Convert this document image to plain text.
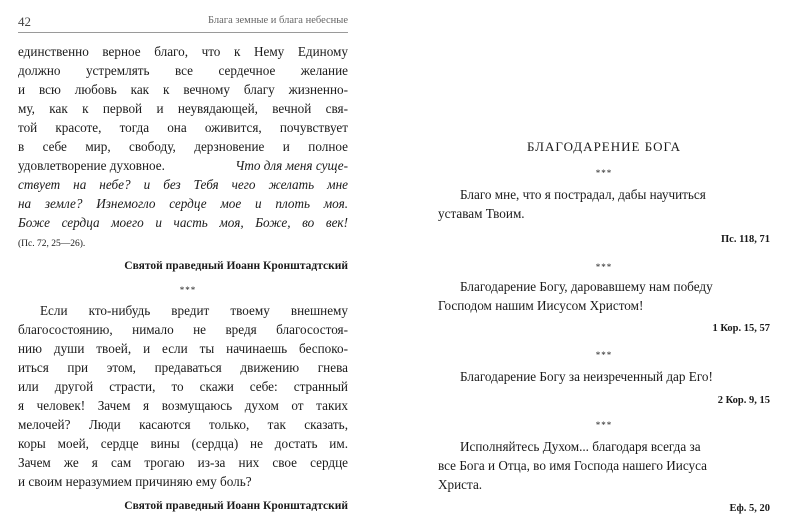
42	Блага земные и блага небесные
единственно верное благо, что к Нему Единому
должно устремлять все сердечное желание
и всю любовь как к вечному благу жизненно-
му, как к первой и неувядающей, вечной свя-
той красоте, тогда она оживится, почувствует
в себе мир, свободу, дерзновение и полное
удовлетворение духовное.	Что для меня суще-
ствует на небе? и без Тебя чего желать мне
на земле? Изнемогло сердце мое и плоть моя.
Боже сердца моего и часть моя, Боже, во век!
(Пс. 72, 25—26).
Святой праведный Иоанн Кронштадтский
***
Если кто-нибудь вредит твоему внешнему
благосостоянию, нимало не вредя благосостоя-
нию души твоей, и если ты начинаешь беспоко-
иться при этом, предаваться движению гнева
или другой страсти, то скажи себе: странный
я человек! Зачем я возмущаюсь духом от таких
мелочей? Люди касаются только, так сказать,
коры моей, сердце вины (сердца) не достать им.
Зачем же я сам трогаю из-за них свое сердце
и своим неразумием причиняю ему боль?
Святой праведный Иоанн Кронштадтский
БЛАГОДАРЕНИЕ БОГА
***
Благо мне, что я пострадал, дабы научиться
уставам Твоим.
Пс. 118, 71
***
Благодарение Богу, даровавшему нам победу
Господом нашим Иисусом Христом!
1 Кор. 15, 57
***
Благодарение Богу за неизреченный дар Его!
2 Кор. 9, 15
***
Исполняйтесь Духом... благодаря всегда за
все Бога и Отца, во имя Господа нашего Иисуса
Христа.
Еф. 5, 20
